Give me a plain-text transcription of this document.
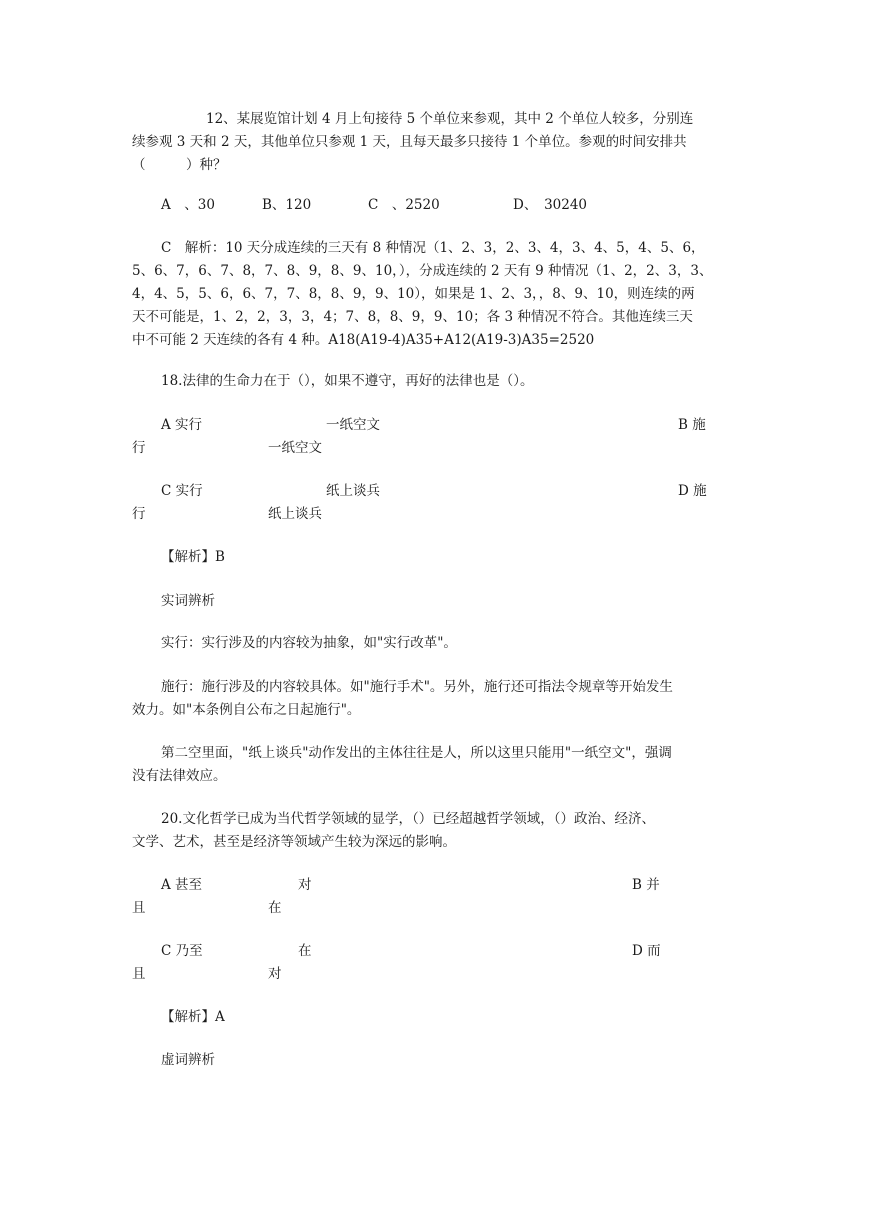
12、某展览馆计划 4 月上旬接待 5 个单位来参观，其中 2 个单位人较多，分别连
续参观 3 天和 2 天，其他单位只参观 1 天，且每天最多只接待 1 个单位。参观的时间安排共
（　　　）种？
A　、30	B、120	C　、2520	D、　30240
C　解析：10 天分成连续的三天有 8 种情况（1、2、3，2、3、4，3、4、5，4、5、6，
5、6、7，6、7、8，7、8、9，8、9、10，），分成连续的 2 天有 9 种情况（1、2，2、3，3、
4，4、5，5、6，6、7，7、8，8、9，9、10），如果是 1、2、3，，8、9、10，则连续的两
天不可能是，1、2，2，3，3，4；7、8，8、9，9、10；各 3 种情况不符合。其他连续三天
中不可能 2 天连续的各有 4 种。A18(A19-4)A35+A12(A19-3)A35=2520
18.法律的生命力在于（），如果不遵守，再好的法律也是（）。
A 实行	一纸空文	B 施
行	一纸空文
C 实行	纸上谈兵	D 施
行	纸上谈兵
【解析】B
实词辨析
实行：实行涉及的内容较为抽象，如"实行改革"。
施行：施行涉及的内容较具体。如"施行手术"。另外，施行还可指法令规章等开始发生
效力。如"本条例自公布之日起施行"。
第二空里面，"纸上谈兵"动作发出的主体往往是人，所以这里只能用"一纸空文"，强调
没有法律效应。
20.文化哲学已成为当代哲学领域的显学，（）已经超越哲学领域，（）政治、经济、
文学、艺术，甚至是经济等领域产生较为深远的影响。
A 甚至	对	B 并
且	在
C 乃至	在	D 而
且	对
【解析】A
虚词辨析
